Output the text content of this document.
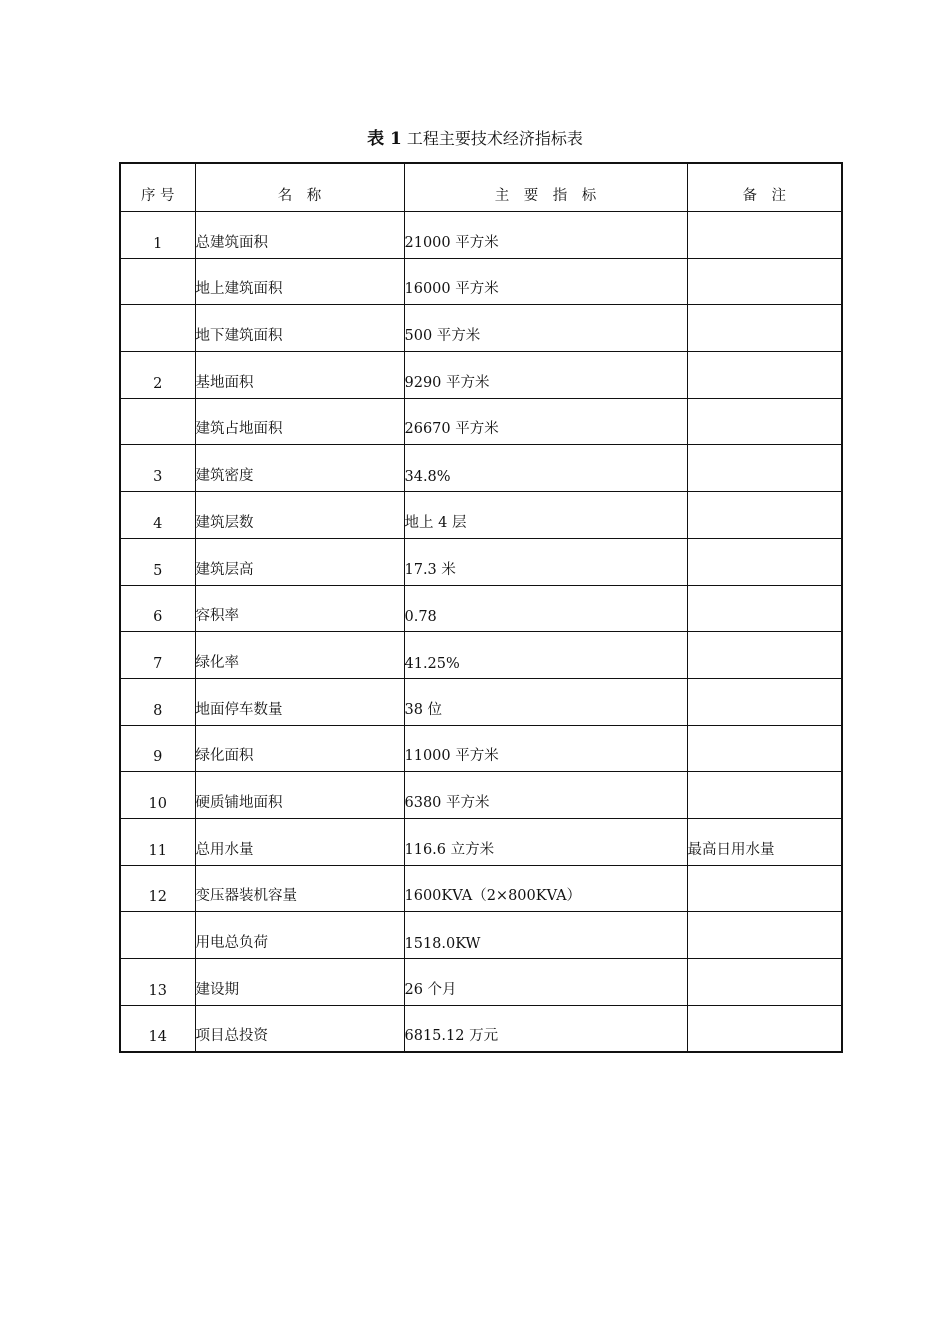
表 1 工程主要技术经济指标表
序 号	名　称	主　要　指　标	备　注
1	总建筑面积	21000 平方米	
	地上建筑面积	16000 平方米	
	地下建筑面积	500 平方米	
2	基地面积	9290 平方米	
	建筑占地面积	26670 平方米	
3	建筑密度	34.8%	
4	建筑层数	地上 4 层	
5	建筑层高	17.3 米	
6	容积率	0.78	
7	绿化率	41.25%	
8	地面停车数量	38 位	
9	绿化面积	11000 平方米	
10	硬质铺地面积	6380 平方米	
11	总用水量	116.6 立方米	最高日用水量
12	变压器装机容量	1600KVA（2×800KVA）	
	用电总负荷	1518.0KW	
13	建设期	26 个月	
14	项目总投资	6815.12 万元	
